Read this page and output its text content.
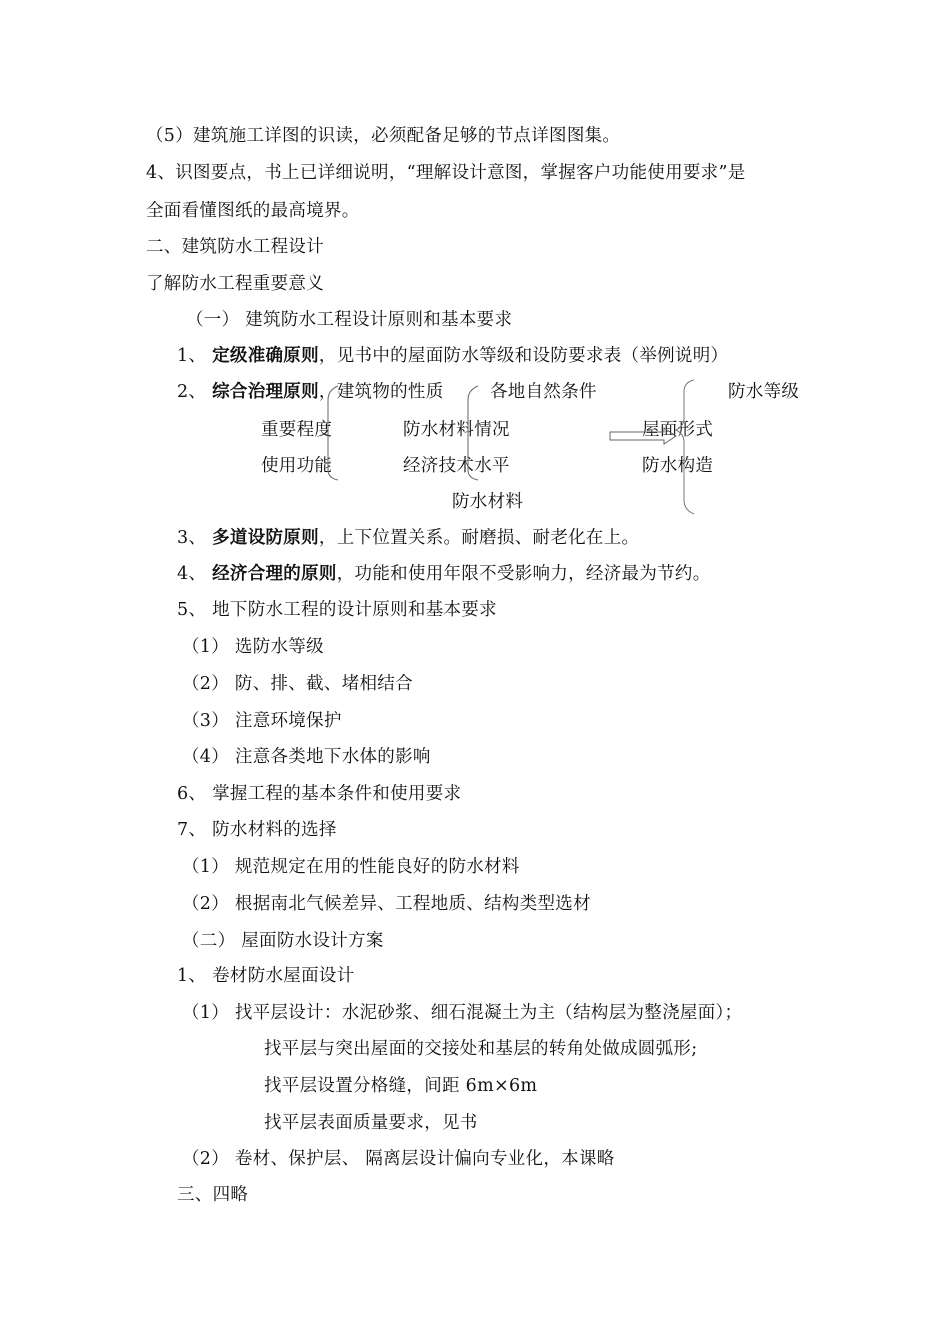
（5）建筑施工详图的识读，必须配备足够的节点详图图集。
4、识图要点，书上已详细说明，“理解设计意图，掌握客户功能使用要求”是
全面看懂图纸的最高境界。
二、建筑防水工程设计
了解防水工程重要意义
（一） 建筑防水工程设计原则和基本要求
1、 定级准确原则，见书中的屋面防水等级和设防要求表（举例说明）
2、 综合治理原则，建筑物的性质	各地自然条件	防水等级
重要程度	防水材料情况	屋面形式
使用功能	经济技术水平	防水构造
防水材料
3、 多道设防原则，上下位置关系。耐磨损、耐老化在上。
4、 经济合理的原则，功能和使用年限不受影响力，经济最为节约。
5、 地下防水工程的设计原则和基本要求
（1） 选防水等级
（2） 防、排、截、堵相结合
（3） 注意环境保护
（4） 注意各类地下水体的影响
6、 掌握工程的基本条件和使用要求
7、 防水材料的选择
（1） 规范规定在用的性能良好的防水材料
（2） 根据南北气候差异、工程地质、结构类型选材
（二） 屋面防水设计方案
1、 卷材防水屋面设计
（1） 找平层设计：水泥砂浆、细石混凝土为主（结构层为整浇屋面）；
找平层与突出屋面的交接处和基层的转角处做成圆弧形;
找平层设置分格缝，间距 6m×6m
找平层表面质量要求，见书
（2） 卷材、保护层、 隔离层设计偏向专业化，本课略
三、四略
